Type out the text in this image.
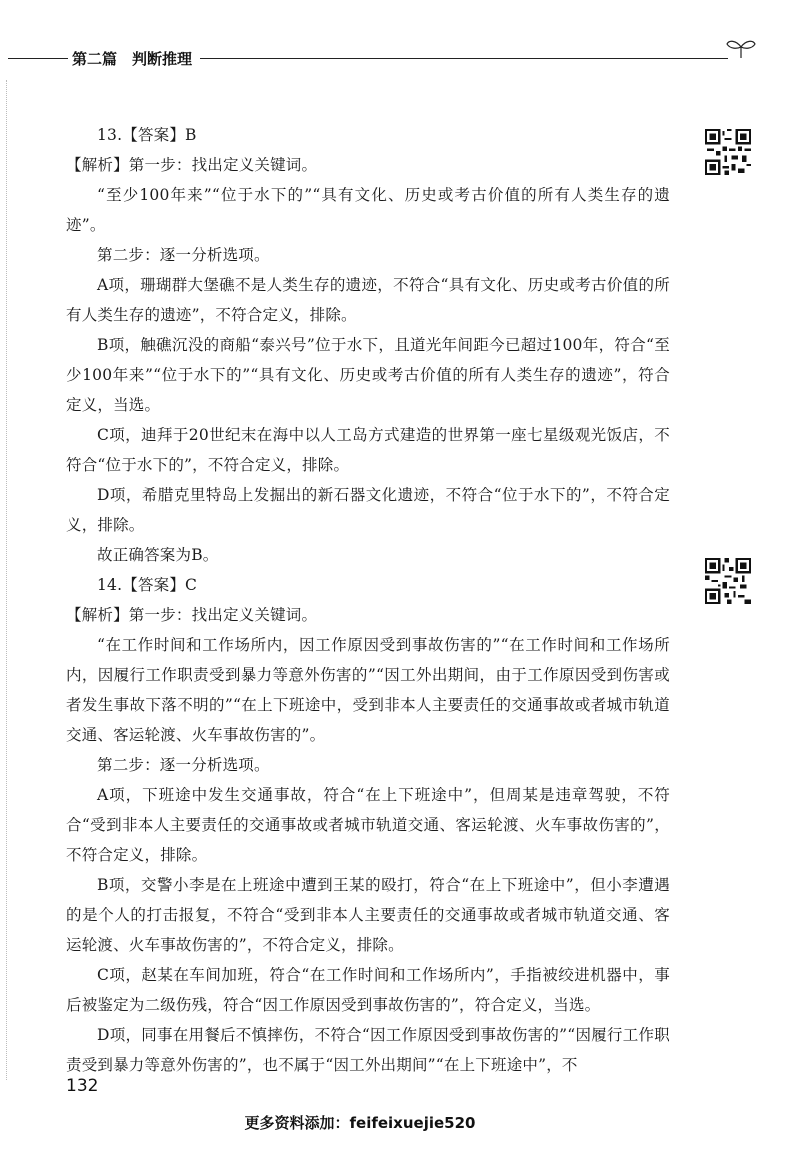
第二篇　判断推理

13.【答案】B

【解析】第一步：找出定义关键词。

“至少100年来”“位于水下的”“具有文化、历史或考古价值的所有人类生存的遗迹”。

第二步：逐一分析选项。

A项，珊瑚群大堡礁不是人类生存的遗迹，不符合“具有文化、历史或考古价值的所有人类生存的遗迹”，不符合定义，排除。

B项，触礁沉没的商船“泰兴号”位于水下，且道光年间距今已超过100年，符合“至少100年来”“位于水下的”“具有文化、历史或考古价值的所有人类生存的遗迹”，符合定义，当选。

C项，迪拜于20世纪末在海中以人工岛方式建造的世界第一座七星级观光饭店，不符合“位于水下的”，不符合定义，排除。

D项，希腊克里特岛上发掘出的新石器文化遗迹，不符合“位于水下的”，不符合定义，排除。

故正确答案为B。

14.【答案】C

【解析】第一步：找出定义关键词。

“在工作时间和工作场所内，因工作原因受到事故伤害的”“在工作时间和工作场所内，因履行工作职责受到暴力等意外伤害的”“因工外出期间，由于工作原因受到伤害或者发生事故下落不明的”“在上下班途中，受到非本人主要责任的交通事故或者城市轨道交通、客运轮渡、火车事故伤害的”。

第二步：逐一分析选项。

A项，下班途中发生交通事故，符合“在上下班途中”，但周某是违章驾驶，不符合“受到非本人主要责任的交通事故或者城市轨道交通、客运轮渡、火车事故伤害的”，不符合定义，排除。

B项，交警小李是在上班途中遭到王某的殴打，符合“在上下班途中”，但小李遭遇的是个人的打击报复，不符合“受到非本人主要责任的交通事故或者城市轨道交通、客运轮渡、火车事故伤害的”，不符合定义，排除。

C项，赵某在车间加班，符合“在工作时间和工作场所内”，手指被绞进机器中，事后被鉴定为二级伤残，符合“因工作原因受到事故伤害的”，符合定义，当选。

D项，同事在用餐后不慎摔伤，不符合“因工作原因受到事故伤害的”“因履行工作职责受到暴力等意外伤害的”，也不属于“因工外出期间”“在上下班途中”，不

132
更多资料添加：feifeixuejie520
